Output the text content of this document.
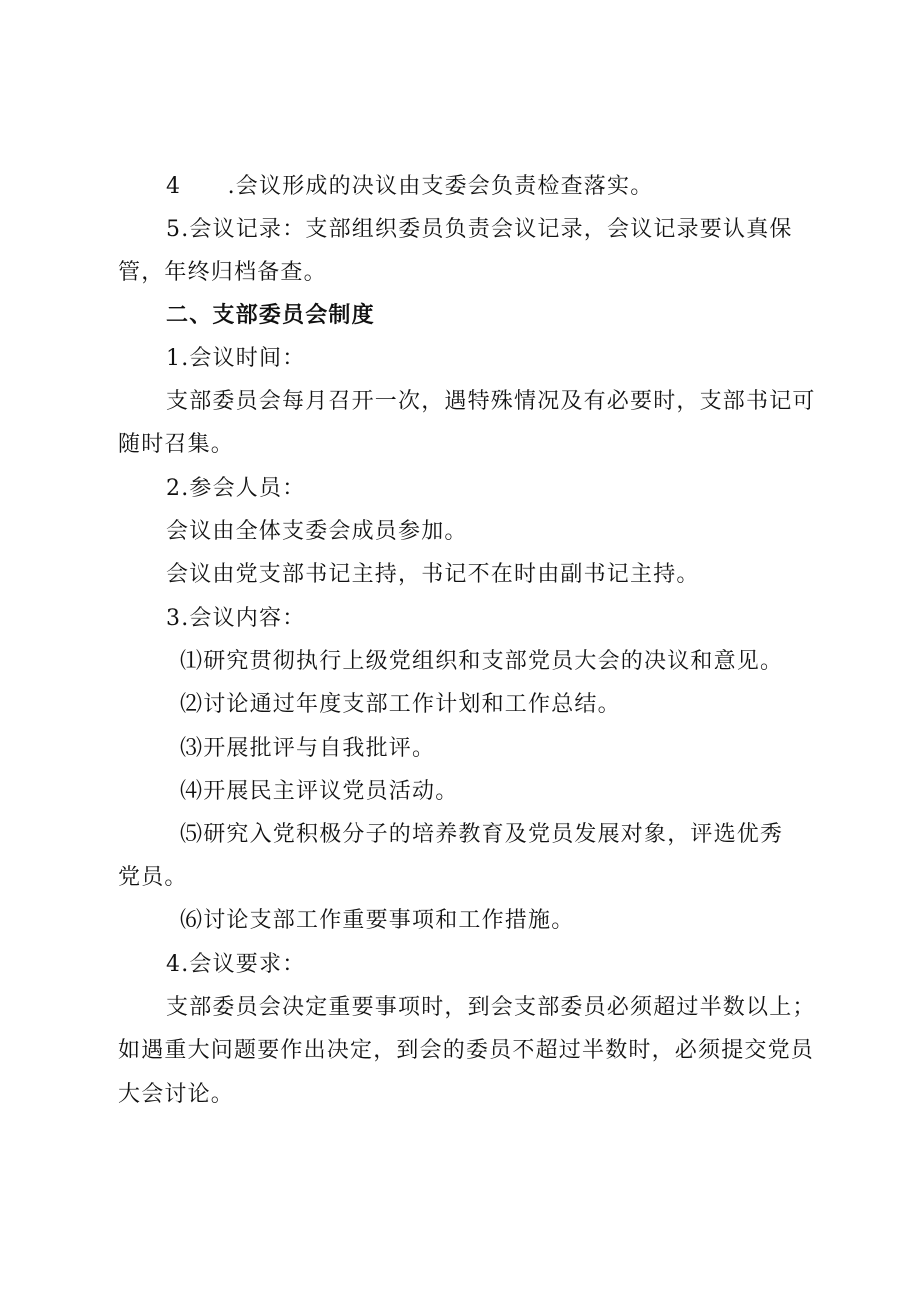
4　　.会议形成的决议由支委会负责检查落实。
5.会议记录：支部组织委员负责会议记录，会议记录要认真保
管，年终归档备查。
二、支部委员会制度
1.会议时间：
支部委员会每月召开一次，遇特殊情况及有必要时，支部书记可
随时召集。
2.参会人员：
会议由全体支委会成员参加。
会议由党支部书记主持，书记不在时由副书记主持。
3.会议内容：
⑴研究贯彻执行上级党组织和支部党员大会的决议和意见。
⑵讨论通过年度支部工作计划和工作总结。
⑶开展批评与自我批评。
⑷开展民主评议党员活动。
⑸研究入党积极分子的培养教育及党员发展对象，评选优秀
党员。
⑹讨论支部工作重要事项和工作措施。
4.会议要求：
支部委员会决定重要事项时，到会支部委员必须超过半数以上；
如遇重大问题要作出决定，到会的委员不超过半数时，必须提交党员
大会讨论。
